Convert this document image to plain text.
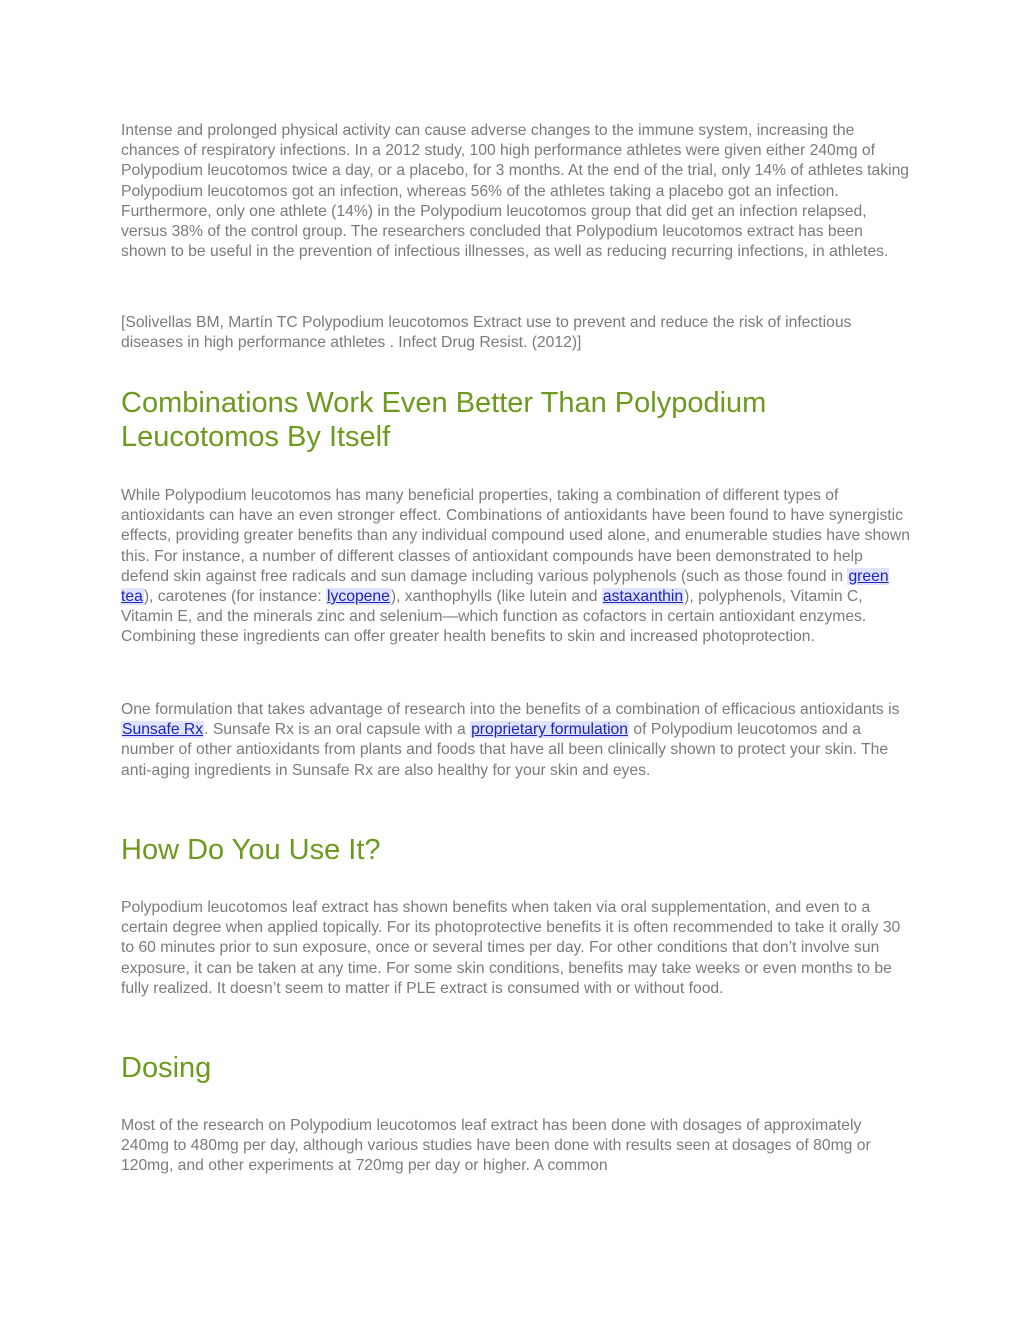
Intense and prolonged physical activity can cause adverse changes to the immune system, increasing the chances of respiratory infections. In a 2012 study, 100 high performance athletes were given either 240mg of Polypodium leucotomos twice a day, or a placebo, for 3 months. At the end of the trial, only 14% of athletes taking Polypodium leucotomos got an infection, whereas 56% of the athletes taking a placebo got an infection. Furthermore, only one athlete (14%) in the Polypodium leucotomos group that did get an infection relapsed, versus 38% of the control group. The researchers concluded that Polypodium leucotomos extract has been shown to be useful in the prevention of infectious illnesses, as well as reducing recurring infections, in athletes.

[Solivellas BM, Martín TC Polypodium leucotomos Extract use to prevent and reduce the risk of infectious diseases in high performance athletes . Infect Drug Resist. (2012)]

Combinations Work Even Better Than Polypodium Leucotomos By Itself

While Polypodium leucotomos has many beneficial properties, taking a combination of different types of antioxidants can have an even stronger effect. Combinations of antioxidants have been found to have synergistic effects, providing greater benefits than any individual compound used alone, and enumerable studies have shown this. For instance, a number of different classes of antioxidant compounds have been demonstrated to help defend skin against free radicals and sun damage including various polyphenols (such as those found in green tea), carotenes (for instance: lycopene), xanthophylls (like lutein and astaxanthin), polyphenols, Vitamin C, Vitamin E, and the minerals zinc and selenium—which function as cofactors in certain antioxidant enzymes. Combining these ingredients can offer greater health benefits to skin and increased photoprotection.

One formulation that takes advantage of research into the benefits of a combination of efficacious antioxidants is Sunsafe Rx. Sunsafe Rx is an oral capsule with a proprietary formulation of Polypodium leucotomos and a number of other antioxidants from plants and foods that have all been clinically shown to protect your skin. The anti-aging ingredients in Sunsafe Rx are also healthy for your skin and eyes.

How Do You Use It?

Polypodium leucotomos leaf extract has shown benefits when taken via oral supplementation, and even to a certain degree when applied topically. For its photoprotective benefits it is often recommended to take it orally 30 to 60 minutes prior to sun exposure, once or several times per day. For other conditions that don’t involve sun exposure, it can be taken at any time. For some skin conditions, benefits may take weeks or even months to be fully realized. It doesn’t seem to matter if PLE extract is consumed with or without food.

Dosing

Most of the research on Polypodium leucotomos leaf extract has been done with dosages of approximately 240mg to 480mg per day, although various studies have been done with results seen at dosages of 80mg or 120mg, and other experiments at 720mg per day or higher. A common
